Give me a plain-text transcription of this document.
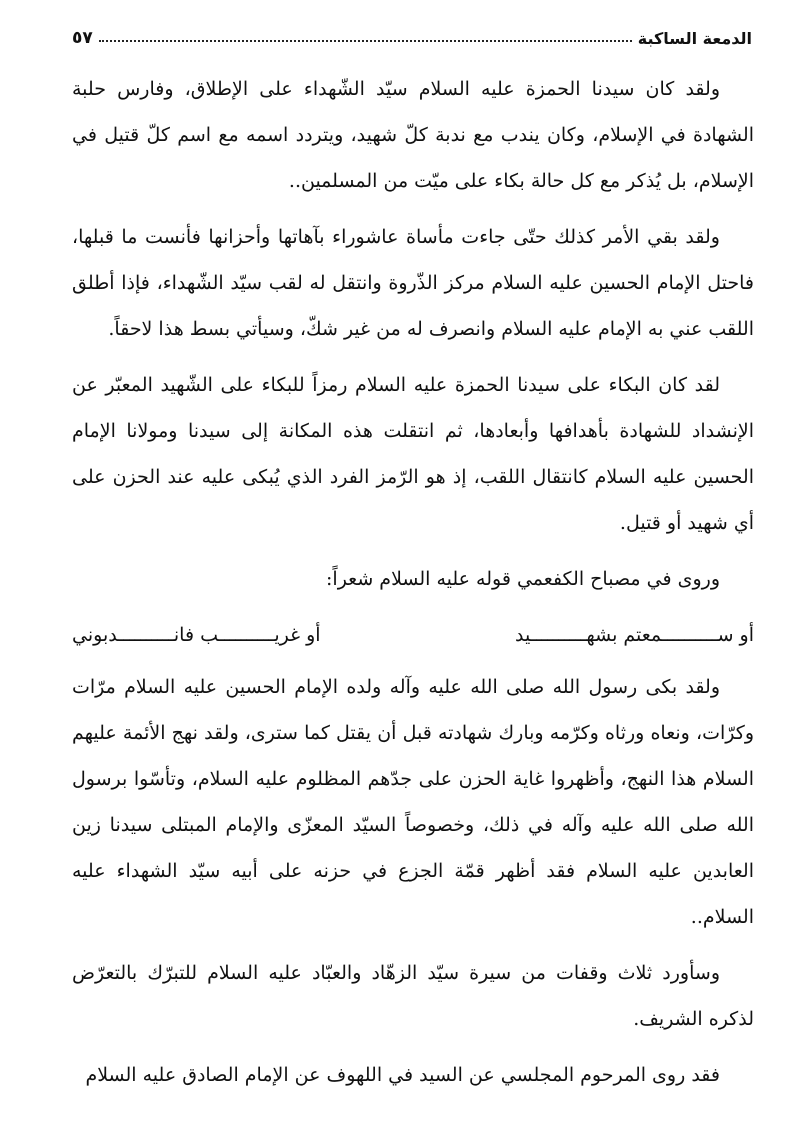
الدمعة الساكبة
٥٧

ولقد كان سيدنا الحمزة عليه السلام سيّد الشّهداء على الإطلاق، وفارس حلبة الشهادة في الإسلام، وكان يندب مع ندبة كلّ شهيد، ويتردد اسمه مع اسم كلّ قتيل في الإسلام، بل يُذكر مع كل حالة بكاء على ميّت من المسلمين..

ولقد بقي الأمر كذلك حتّى جاءت مأساة عاشوراء بآهاتها وأحزانها فأنست ما قبلها، فاحتل الإمام الحسين عليه السلام مركز الذّروة وانتقل له لقب سيّد الشّهداء، فإذا أطلق اللقب عني به الإمام عليه السلام وانصرف له من غير شكّ، وسيأتي بسط هذا لاحقاً.

لقد كان البكاء على سيدنا الحمزة عليه السلام رمزاً للبكاء على الشّهيد المعبّر عن الإنشداد للشهادة بأهدافها وأبعادها، ثم انتقلت هذه المكانة إلى سيدنا ومولانا الإمام الحسين عليه السلام كانتقال اللقب، إذ هو الرّمز الفرد الذي يُبكى عليه عند الحزن على أي شهيد أو قتيل.

وروى في مصباح الكفعمي قوله عليه السلام شعراً:

أو ســــــــــمعتم بشهــــــــــيد
أو غريــــــــــب فانــــــــــدبوني

ولقد بكى رسول الله صلى الله عليه وآله ولده الإمام الحسين عليه السلام مرّات وكرّات، ونعاه ورثاه وكرّمه وبارك شهادته قبل أن يقتل كما سترى، ولقد نهج الأئمة عليهم السلام هذا النهج، وأظهروا غاية الحزن على جدّهم المظلوم عليه السلام، وتأسّوا برسول الله صلى الله عليه وآله في ذلك، وخصوصاً السيّد المعزّى والإمام المبتلى سيدنا زين العابدين عليه السلام فقد أظهر قمّة الجزع في حزنه على أبيه سيّد الشهداء عليه السلام..

وسأورد ثلاث وقفات من سيرة سيّد الزهّاد والعبّاد عليه السلام للتبرّك بالتعرّض لذكره الشريف.

فقد روى المرحوم المجلسي عن السيد في اللهوف عن الإمام الصادق عليه السلام
